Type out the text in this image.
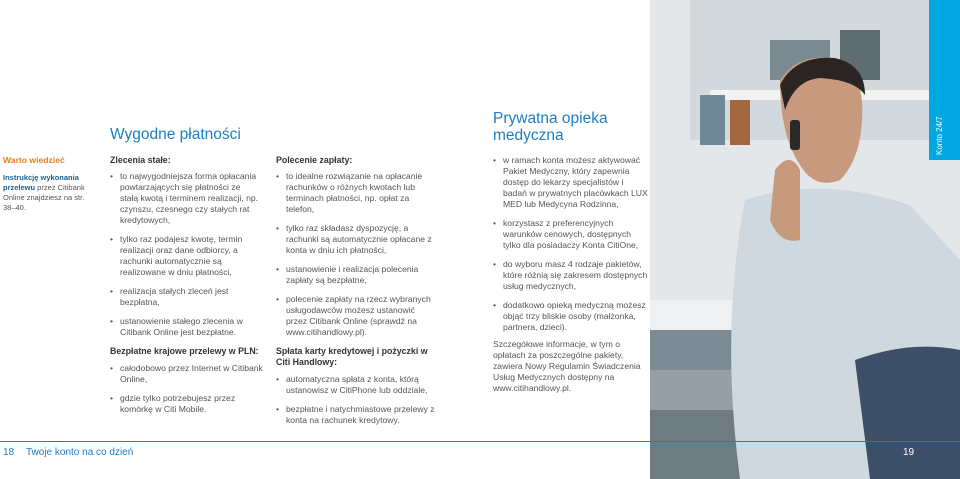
Konto 24/7
Wygodne płatności
Warto wiedzieć
Instrukcję wykonania przelewu przez Citibank Online znajdziesz na str. 38–40.
Zlecenia stałe:
• to najwygodniejsza forma opłacania powtarzających się płatności ze stałą kwotą i terminem realizacji, np. czynszu, czesnego czy stałych rat kredytowych,
• tylko raz podajesz kwotę, termin realizacji oraz dane odbiorcy, a rachunki automatycznie są realizowane w dniu płatności,
• realizacja stałych zleceń jest bezpłatna,
• ustanowienie stałego zlecenia w Citibank Online jest bezpłatne.
Bezpłatne krajowe przelewy w PLN:
• całodobowo przez Internet w Citibank Online,
• gdzie tylko potrzebujesz przez komórkę w Citi Mobile.
Polecenie zapłaty:
• to idealne rozwiązanie na opłacanie rachunków o różnych kwotach lub terminach płatności, np. opłat za telefon,
• tylko raz składasz dyspozycję, a rachunki są automatycznie opłacane z konta w dniu ich płatności,
• ustanowienie i realizacja polecenia zapłaty są bezpłatne,
• polecenie zapłaty na rzecz wybranych usługodawców możesz ustanowić przez Citibank Online (sprawdź na www.citihandlowy.pl).
Spłata karty kredytowej i pożyczki w Citi Handlowy:
• automatyczna spłata z konta, którą ustanowisz w CitiPhone lub oddziale,
• bezpłatne i natychmiastowe przelewy z konta na rachunek kredytowy.
Prywatna opieka
medyczna
• w ramach konta możesz aktywować Pakiet Medyczny, który zapewnia dostęp do lekarzy specjalistów i badań w prywatnych placówkach LUX MED lub Medycyna Rodzinna,
• korzystasz z preferencyjnych warunków cenowych, dostępnych tylko dla posiadaczy Konta CitiOne,
• do wyboru masz 4 rodzaje pakietów, które różnią się zakresem dostępnych usług medycznych,
• dodatkowo opieką medyczną możesz objąć trzy bliskie osoby (małżonka, partnera, dzieci).
Szczegółowe informacje, w tym o opłatach za poszczególne pakiety, zawiera Nowy Regulamin Świadczenia Usług Medycznych dostępny na www.citihandlowy.pl.
18 Twoje konto na co dzień	19
